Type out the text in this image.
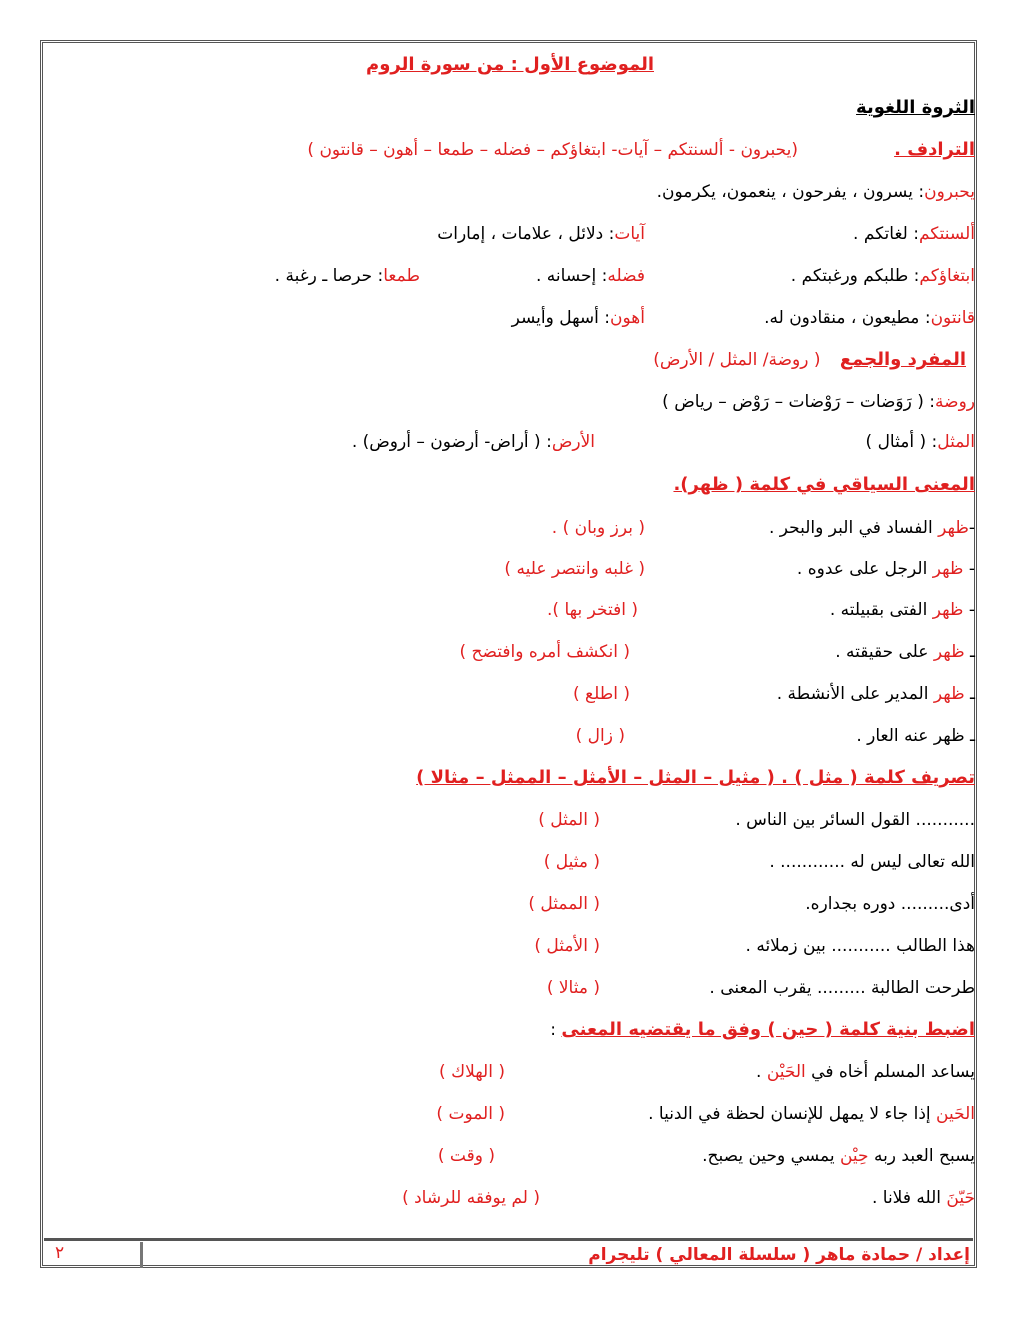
الموضوع الأول : من سورة الروم
الثروة اللغوية
الترادف .
(يحبرون - ألسنتكم – آيات- ابتغاؤكم – فضله – طمعا – أهون – قانتون )
يحبرون: يسرون ، يفرحون ، ينعمون، يكرمون.
ألسنتكم: لغاتكم .
آيات: دلائل ، علامات ، إمارات
ابتغاؤكم: طلبكم ورغبتكم .
فضله: إحسانه .
طمعا: حرصا ـ رغبة .
قانتون: مطيعون ، منقادون له.
أهون: أسهل وأيسر
المفرد والجمع ( روضة/ المثل / الأرض)
روضة: ( رَوَضات – رَوْضات – رَوْض – رياض )
المثل: ( أمثال )
الأرض: ( أراض- أرضون – أروض) .
المعنى السياقي في كلمة ( ظهر).
-ظهر الفساد في البر والبحر .
( برز وبان ) .
- ظهر الرجل على عدوه .
( غلبه وانتصر عليه )
- ظهر الفتى بقبيلته .
( افتخر بها ).
ـ ظهر على حقيقته .
( انكشف أمره وافتضح )
ـ ظهر المدير على الأنشطة .
( اطلع )
ـ ظهر عنه العار .
( زال )
تصريف كلمة ( مثل ) . ( مثيل – المثل – الأمثل – الممثل – مثالا )
........... القول السائر بين الناس .
( المثل )
الله تعالى ليس له ............ .
( مثيل )
أدى......... دوره بجداره.
( الممثل )
هذا الطالب ........... بين زملائه .
( الأمثل )
طرحت الطالبة ......... يقرب المعنى .
( مثالا )
اضبط بنية كلمة ( حين ) وفق ما يقتضيه المعنى :
يساعد المسلم أخاه في الحَيْن .
( الهلاك )
الحَين إذا جاء لا يمهل للإنسان لحظة في الدنيا .
( الموت )
يسبح العبد ربه حِيْن يمسي وحين يصبح.
( وقت )
حَيّنَ الله فلانا .
( لم يوفقه للرشاد )
إعداد / حمادة ماهر ( سلسلة المعالي ) تليجرام
٢
